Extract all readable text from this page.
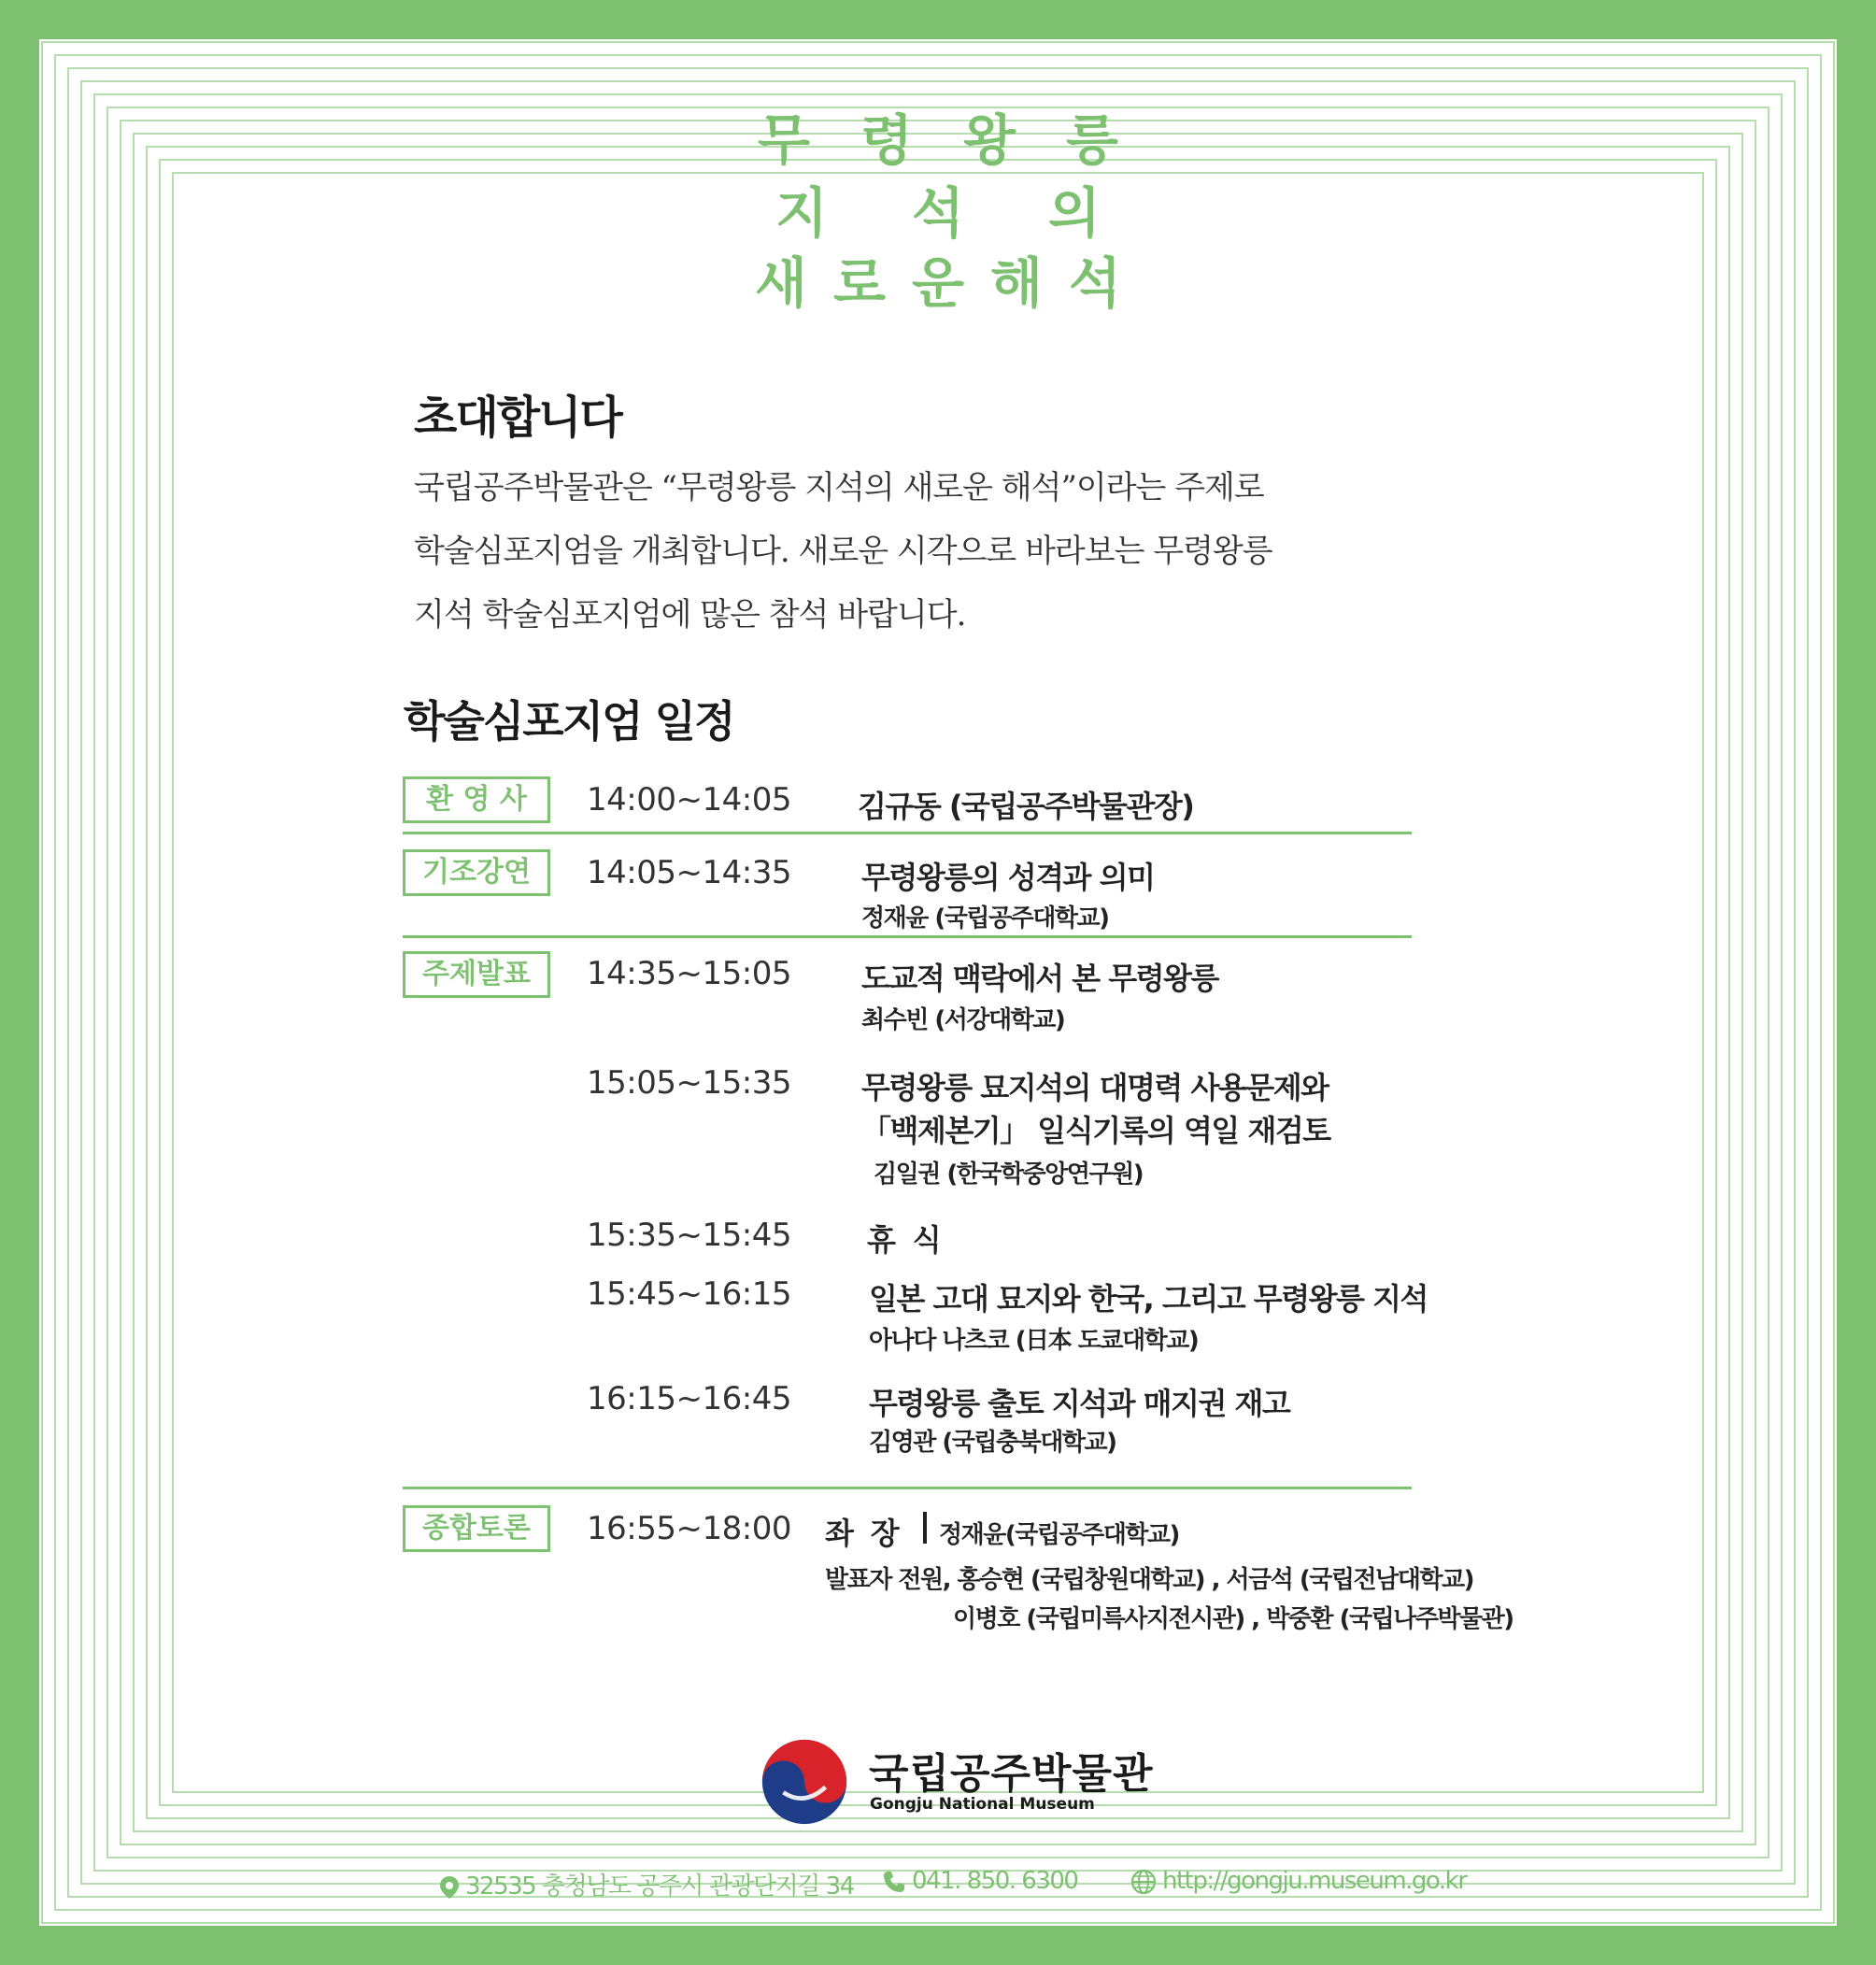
무령왕릉
지 석 의
새로운해석
초대합니다
국립공주박물관은 “무령왕릉 지석의 새로운 해석”이라는 주제로
학술심포지엄을 개최합니다. 새로운 시각으로 바라보는 무령왕릉
지석 학술심포지엄에 많은 참석 바랍니다.
학술심포지엄 일정
환 영 사	14:00~14:05 김규동 (국립공주박물관장)
기조강연	14:05~14:35 무령왕릉의 성격과 의미
정재윤 (국립공주대학교)
주제발표	14:35~15:05 도교적 맥락에서 본 무령왕릉
최수빈 (서강대학교)
15:05~15:35 무령왕릉 묘지석의 대명력 사용문제와
「백제본기」 일식기록의 역일 재검토
김일권 (한국학중앙연구원)
15:35~15:45	휴  식
15:45~16:15	일본 고대 묘지와 한국, 그리고 무령왕릉 지석
아나다 나츠코 (日本 도쿄대학교)
16:15~16:45	무령왕릉 출토 지석과 매지권 재고
김영관 (국립충북대학교)
종합토론	16:55~18:00 좌  장 정재윤(국립공주대학교)
발표자 전원, 홍승현 (국립창원대학교) , 서금석 (국립전남대학교)
이병호 (국립미륵사지전시관) , 박중환 (국립나주박물관)
국립공주박물관
Gongju National Museum
32535 충청남도 공주시 관광단지길 34	041. 850. 6300	http://gongju.museum.go.kr
